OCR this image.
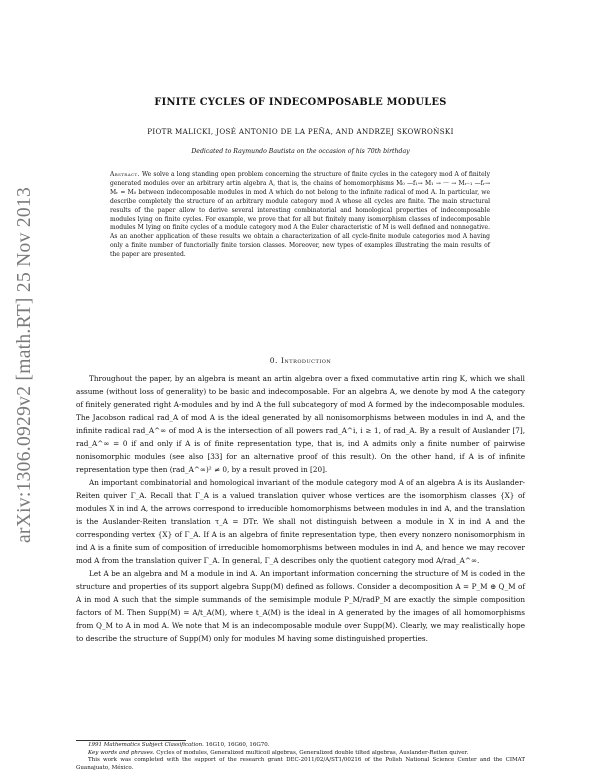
arXiv:1306.0929v2 [math.RT] 25 Nov 2013
FINITE CYCLES OF INDECOMPOSABLE MODULES
PIOTR MALICKI, JOSÉ ANTONIO DE LA PEÑA, AND ANDRZEJ SKOWROŃSKI
Dedicated to Raymundo Bautista on the occasion of his 70th birthday
Abstract. We solve a long standing open problem concerning the structure of finite cycles in the category mod A of finitely generated modules over an arbitrary artin algebra A, that is, the chains of homomorphisms M₀ —f₁→ M₁ → ··· → Mᵣ₋₁ —fᵣ→ Mᵣ = M₀ between indecomposable modules in mod A which do not belong to the infinite radical of mod A. In particular, we describe completely the structure of an arbitrary module category mod A whose all cycles are finite. The main structural results of the paper allow to derive several interesting combinatorial and homological properties of indecomposable modules lying on finite cycles. For example, we prove that for all but finitely many isomorphism classes of indecomposable modules M lying on finite cycles of a module category mod A the Euler characteristic of M is well defined and nonnegative. As an another application of these results we obtain a characterization of all cycle-finite module categories mod A having only a finite number of functorially finite torsion classes. Moreover, new types of examples illustrating the main results of the paper are presented.
0. Introduction

Throughout the paper, by an algebra is meant an artin algebra over a fixed commutative artin ring K, which we shall assume (without loss of generality) to be basic and indecomposable. For an algebra A, we denote by mod A the category of finitely generated right A-modules and by ind A the full subcategory of mod A formed by the indecomposable modules. The Jacobson radical rad_A of mod A is the ideal generated by all nonisomorphisms between modules in ind A, and the infinite radical rad_A^∞ of mod A is the intersection of all powers rad_A^i, i ≥ 1, of rad_A. By a result of Auslander [7], rad_A^∞ = 0 if and only if A is of finite representation type, that is, ind A admits only a finite number of pairwise nonisomorphic modules (see also [33] for an alternative proof of this result). On the other hand, if A is of infinite representation type then (rad_A^∞)² ≠ 0, by a result proved in [20].

An important combinatorial and homological invariant of the module category mod A of an algebra A is its Auslander-Reiten quiver Γ_A. Recall that Γ_A is a valued translation quiver whose vertices are the isomorphism classes {X} of modules X in ind A, the arrows correspond to irreducible homomorphisms between modules in ind A, and the translation is the Auslander-Reiten translation τ_A = DTr. We shall not distinguish between a module in X in ind A and the corresponding vertex {X} of Γ_A. If A is an algebra of finite representation type, then every nonzero nonisomorphism in ind A is a finite sum of composition of irreducible homomorphisms between modules in ind A, and hence we may recover mod A from the translation quiver Γ_A. In general, Γ_A describes only the quotient category mod A/rad_A^∞.

Let A be an algebra and M a module in ind A. An important information concerning the structure of M is coded in the structure and properties of its support algebra Supp(M) defined as follows. Consider a decomposition A = P_M ⊕ Q_M of A in mod A such that the simple summands of the semisimple module P_M/radP_M are exactly the simple composition factors of M. Then Supp(M) = A/t_A(M), where t_A(M) is the ideal in A generated by the images of all homomorphisms from Q_M to A in mod A. We note that M is an indecomposable module over Supp(M). Clearly, we may realistically hope to describe the structure of Supp(M) only for modules M having some distinguished properties.

1991 Mathematics Subject Classification. 16G10, 16G60, 16G70.

Key words and phrases. Cycles of modules, Generalized multicoil algebras, Generalized double tilted algebras, Auslander-Reiten quiver.

This work was completed with the support of the research grant DEC-2011/02/A/ST1/00216 of the Polish National Science Center and the CIMAT Guanajuato, México.
